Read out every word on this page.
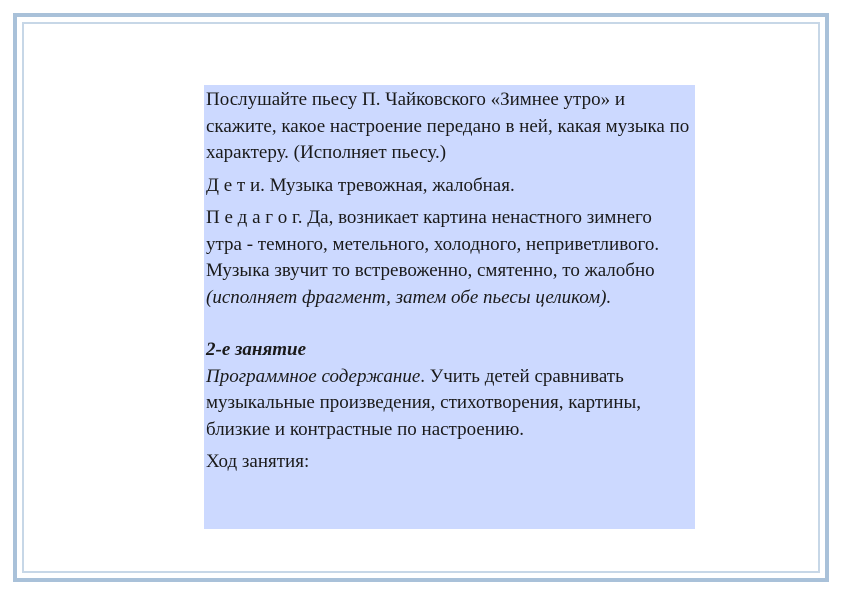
Послушайте пьесу П. Чайковского «Зимнее утро» и скажите, какое настроение передано в ней, какая музыка по характеру. (Исполняет пьесу.)

Д е т и. Музыка тревожная, жалобная.

П е д а г о г. Да, возникает картина ненастного зимнего утра - темного, метельного, холодного, неприветливого. Музыка звучит то встревоженно, смятенно, то жалобно (исполняет фрагмент, затем обе пьесы целиком).

2-е занятие

Программное содержание. Учить детей сравнивать музыкальные произведения, стихотворения, картины, близкие и контрастные по настроению.

Ход занятия:
